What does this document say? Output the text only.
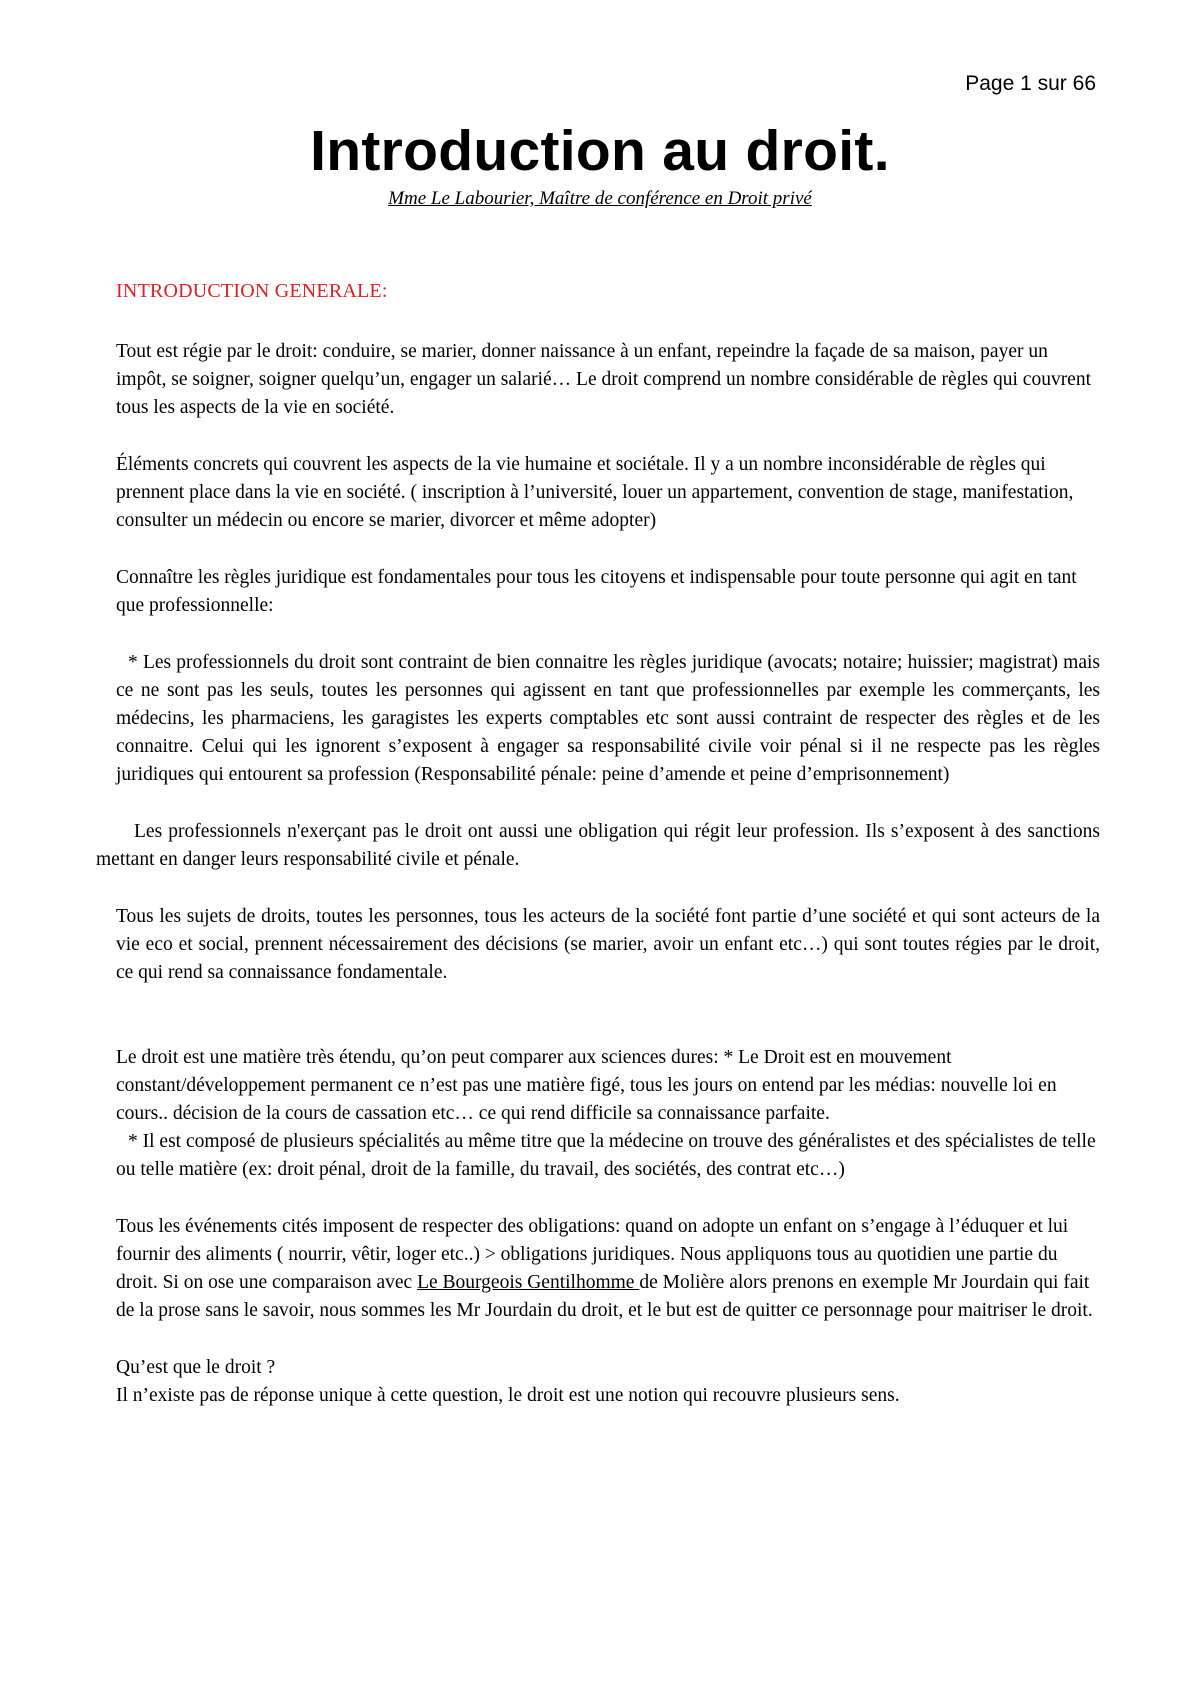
Page 1 sur 66
Introduction au droit.
Mme Le Labourier, Maître de conférence en Droit privé
INTRODUCTION GENERALE:

Tout est régie par le droit: conduire, se marier, donner naissance à un enfant, repeindre la façade de sa maison, payer un impôt, se soigner, soigner quelqu’un, engager un salarié… Le droit comprend un nombre considérable de règles qui couvrent tous les aspects de la vie en société.

Éléments concrets qui couvrent les aspects de la vie humaine et sociétale. Il y a un nombre inconsidérable de règles qui prennent place dans la vie en société. ( inscription à l’université, louer un appartement, convention de stage, manifestation, consulter un médecin ou encore se marier, divorcer et même adopter)

Connaître les règles juridique est fondamentales pour tous les citoyens et indispensable pour toute personne qui agit en tant que professionnelle:

* Les professionnels du droit sont contraint de bien connaitre les règles juridique (avocats; notaire; huissier; magistrat) mais ce ne sont pas les seuls, toutes les personnes qui agissent en tant que professionnelles par exemple les commerçants, les médecins, les pharmaciens, les garagistes les experts comptables etc sont aussi contraint de respecter des règles et de les connaitre. Celui qui les ignorent s’exposent à engager sa responsabilité civile voir pénal si il ne respecte pas les règles juridiques qui entourent sa profession (Responsabilité pénale: peine d’amende et peine d’emprisonnement)

Les professionnels n'exerçant pas le droit ont aussi une obligation qui régit leur profession. Ils s’exposent à des sanctions mettant en danger leurs responsabilité civile et pénale.

Tous les sujets de droits, toutes les personnes, tous les acteurs de la société font partie d’une société et qui sont acteurs de la vie eco et social, prennent nécessairement des décisions (se marier, avoir un enfant etc…) qui sont toutes régies par le droit, ce qui rend sa connaissance fondamentale.

Le droit est une matière très étendu, qu’on peut comparer aux sciences dures: * Le Droit est en mouvement constant/développement permanent ce n’est pas une matière figé, tous les jours on entend par les médias: nouvelle loi en cours.. décision de la cours de cassation etc… ce qui rend difficile sa connaissance parfaite.

* Il est composé de plusieurs spécialités au même titre que la médecine on trouve des généralistes et des spécialistes de telle ou telle matière (ex: droit pénal, droit de la famille, du travail, des sociétés, des contrat etc…)

Tous les événements cités imposent de respecter des obligations: quand on adopte un enfant on s’engage à l’éduquer et lui fournir des aliments ( nourrir, vêtir, loger etc..) > obligations juridiques. Nous appliquons tous au quotidien une partie du droit. Si on ose une comparaison avec Le Bourgeois Gentilhomme de Molière alors prenons en exemple Mr Jourdain qui fait de la prose sans le savoir, nous sommes les Mr Jourdain du droit, et le but est de quitter ce personnage pour maitriser le droit.

Qu’est que le droit ?

Il n’existe pas de réponse unique à cette question, le droit est une notion qui recouvre plusieurs sens.
